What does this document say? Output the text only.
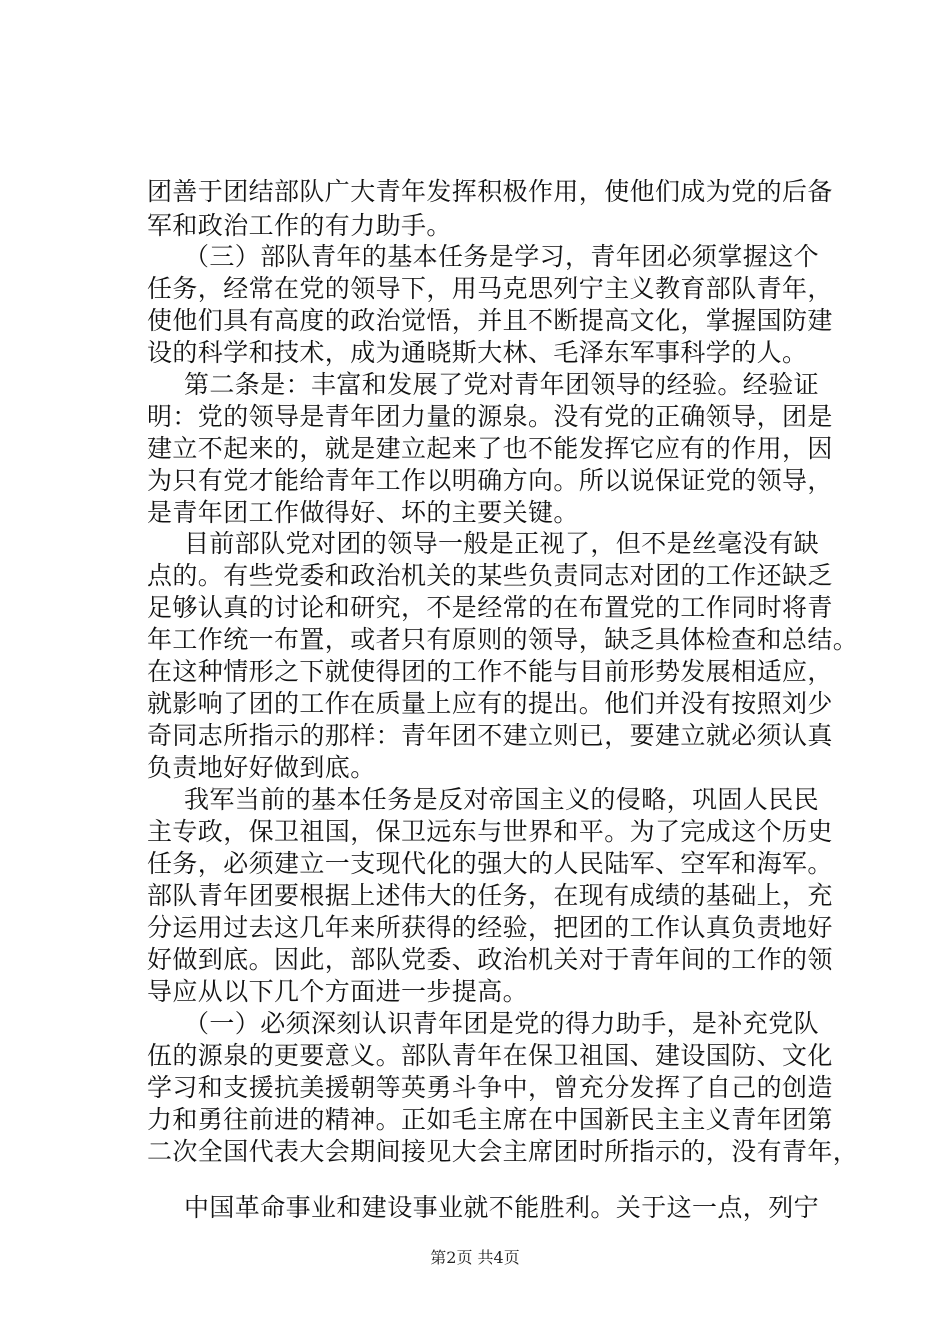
团善于团结部队广大青年发挥积极作用，使他们成为党的后备
军和政治工作的有力助手。
（三）部队青年的基本任务是学习，青年团必须掌握这个
任务，经常在党的领导下，用马克思列宁主义教育部队青年，
使他们具有高度的政治觉悟，并且不断提高文化，掌握国防建
设的科学和技术，成为通晓斯大林、毛泽东军事科学的人。
第二条是：丰富和发展了党对青年团领导的经验。经验证
明：党的领导是青年团力量的源泉。没有党的正确领导，团是
建立不起来的，就是建立起来了也不能发挥它应有的作用，因
为只有党才能给青年工作以明确方向。所以说保证党的领导，
是青年团工作做得好、坏的主要关键。
目前部队党对团的领导一般是正视了，但不是丝毫没有缺
点的。有些党委和政治机关的某些负责同志对团的工作还缺乏
足够认真的讨论和研究，不是经常的在布置党的工作同时将青
年工作统一布置，或者只有原则的领导，缺乏具体检查和总结。
在这种情形之下就使得团的工作不能与目前形势发展相适应，
就影响了团的工作在质量上应有的提出。他们并没有按照刘少
奇同志所指示的那样：青年团不建立则已，要建立就必须认真
负责地好好做到底。
我军当前的基本任务是反对帝国主义的侵略，巩固人民民
主专政，保卫祖国，保卫远东与世界和平。为了完成这个历史
任务，必须建立一支现代化的强大的人民陆军、空军和海军。
部队青年团要根据上述伟大的任务，在现有成绩的基础上，充
分运用过去这几年来所获得的经验，把团的工作认真负责地好
好做到底。因此，部队党委、政治机关对于青年间的工作的领
导应从以下几个方面进一步提高。
（一）必须深刻认识青年团是党的得力助手，是补充党队
伍的源泉的更要意义。部队青年在保卫祖国、建设国防、文化
学习和支援抗美援朝等英勇斗争中，曾充分发挥了自己的创造
力和勇往前进的精神。正如毛主席在中国新民主主义青年团第
二次全国代表大会期间接见大会主席团时所指示的，没有青年，
中国革命事业和建设事业就不能胜利。关于这一点，列宁
第2页 共4页
